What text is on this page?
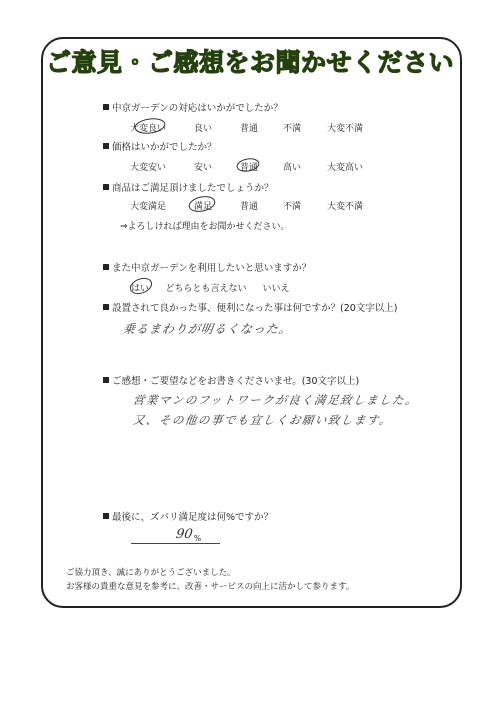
ご意見・ご感想をお聞かせください
中京ガーデンの対応はいかがでしたか？
大変良い	良い	普通	不満	大変不満
価格はいかがでしたか？
大変安い	安い	普通	高い	大変高い
商品はご満足頂けましたでしょうか？
大変満足	満足	普通	不満	大変不満
⇒よろしければ理由をお聞かせください。
また中京ガーデンを利用したいと思いますか？
はい どちらとも言えない いいえ
設置されて良かった事、便利になった事は何ですか？(20文字以上)
乗るまわりが明るくなった。
ご感想・ご要望などをお書きくださいませ。(30文字以上)
営業マンのフットワークが良く満足致しました。
又、その他の事でも宜しくお願い致します。
最後に、ズバリ満足度は何%ですか？
90 %
ご協力頂き、誠にありがとうございました。
お客様の貴重な意見を参考に、改善・サービスの向上に活かして参ります。
